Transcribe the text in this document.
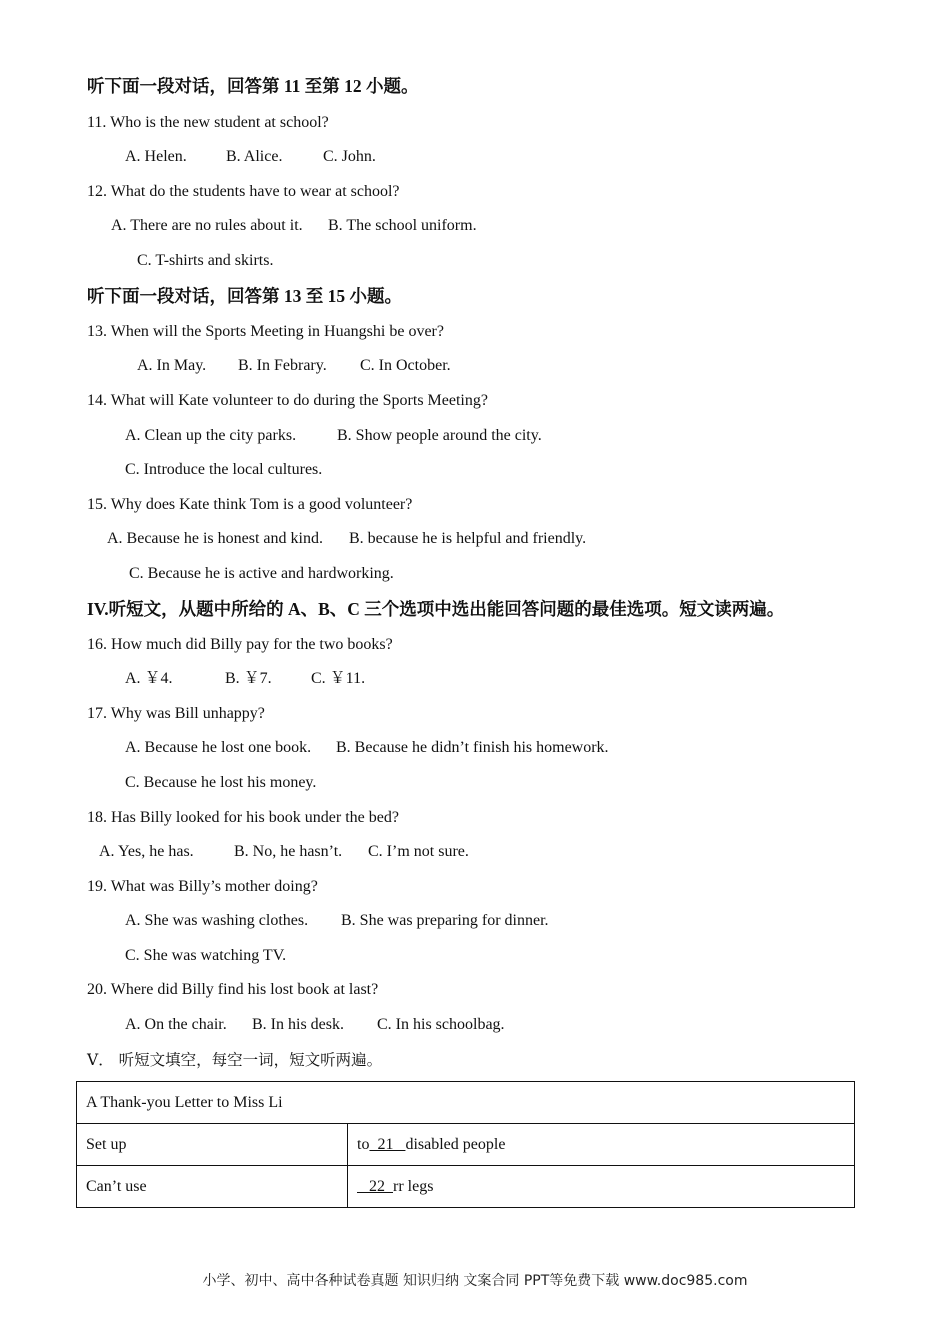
听下面一段对话，回答第 11 至第 12 小题。
11. Who is the new student at school?
A. Helen. B. Alice.	C. John.
12. What do the students have to wear at school?
A. There are no rules about it. B. The school uniform.
C. T-shirts and skirts.
听下面一段对话，回答第 13 至 15 小题。
13. When will the Sports Meeting in Huangshi be over?
A. In May. B. In Febrary. C. In October.
14. What will Kate volunteer to do during the Sports Meeting?
A. Clean up the city parks.	B. Show people around the city.
C. Introduce the local cultures.
15. Why does Kate think Tom is a good volunteer?
A. Because he is honest and kind. B. because he is helpful and friendly.
C. Because he is active and hardworking.
IV.听短文，从题中所给的 A、B、C 三个选项中选出能回答问题的最佳选项。短文读两遍。
16. How much did Billy pay for the two books?
A. ￥4.	B. ￥7. C. ￥11.
17. Why was Bill unhappy?
A. Because he lost one book. B. Because he didn’t finish his homework.
C. Because he lost his money.
18. Has Billy looked for his book under the bed?
A. Yes, he has.	B. No, he hasn’t. C. I’m not sure.
19. What was Billy’s mother doing?
A. She was washing clothes. B. She was preparing for dinner.
C. She was watching TV.
20. Where did Billy find his lost book at last?
A. On the chair. B. In his desk. C. In his schoolbag.
V． 听短文填空，每空一词，短文听两遍。
A Thank-you Letter to Miss Li	
Set up	to  21   disabled people
Can’t use	22  rr legs
小学、初中、高中各种试卷真题 知识归纳 文案合同 PPT等免费下载 www.doc985.com
